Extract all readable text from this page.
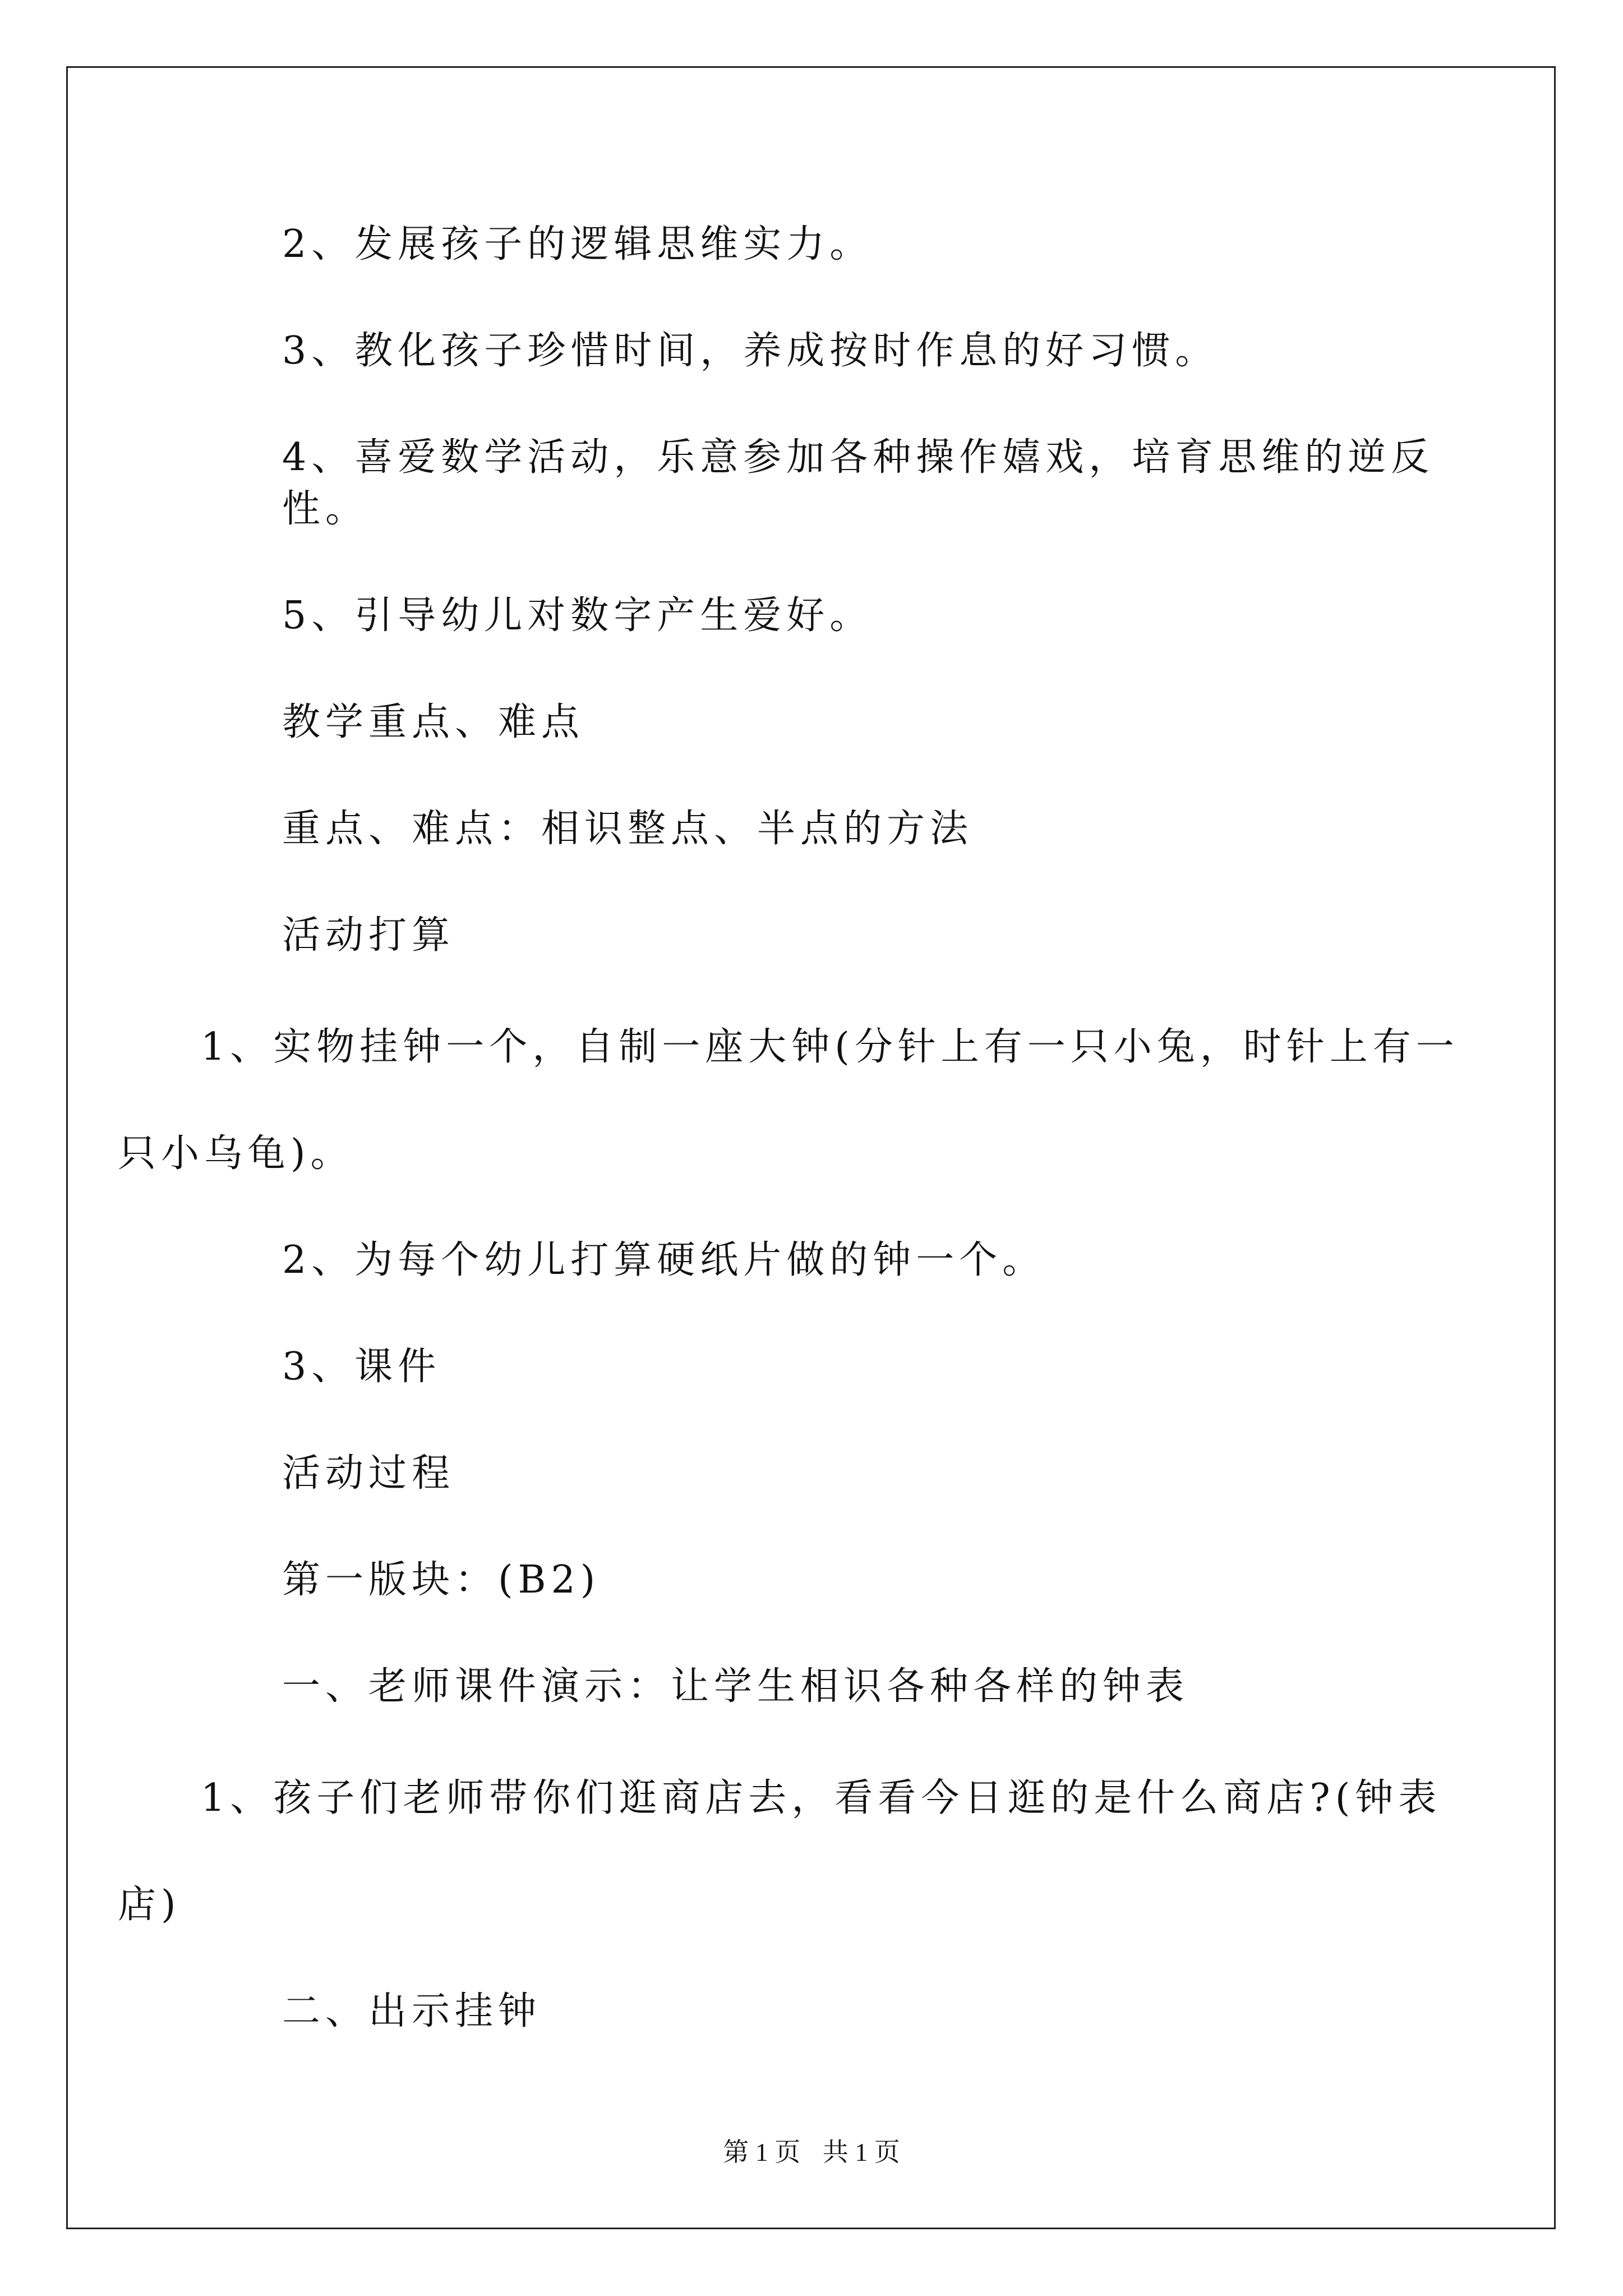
2、发展孩子的逻辑思维实力。

3、教化孩子珍惜时间，养成按时作息的好习惯。

4、喜爱数学活动，乐意参加各种操作嬉戏，培育思维的逆反性。

5、引导幼儿对数字产生爱好。

教学重点、难点

重点、难点：相识整点、半点的方法

活动打算

1、实物挂钟一个，自制一座大钟(分针上有一只小兔，时针上有一只小乌龟)。

2、为每个幼儿打算硬纸片做的钟一个。

3、课件

活动过程

第一版块：(B2)

一、老师课件演示：让学生相识各种各样的钟表

1、孩子们老师带你们逛商店去，看看今日逛的是什么商店?(钟表店)

二、出示挂钟

第 1 页 共 1 页
